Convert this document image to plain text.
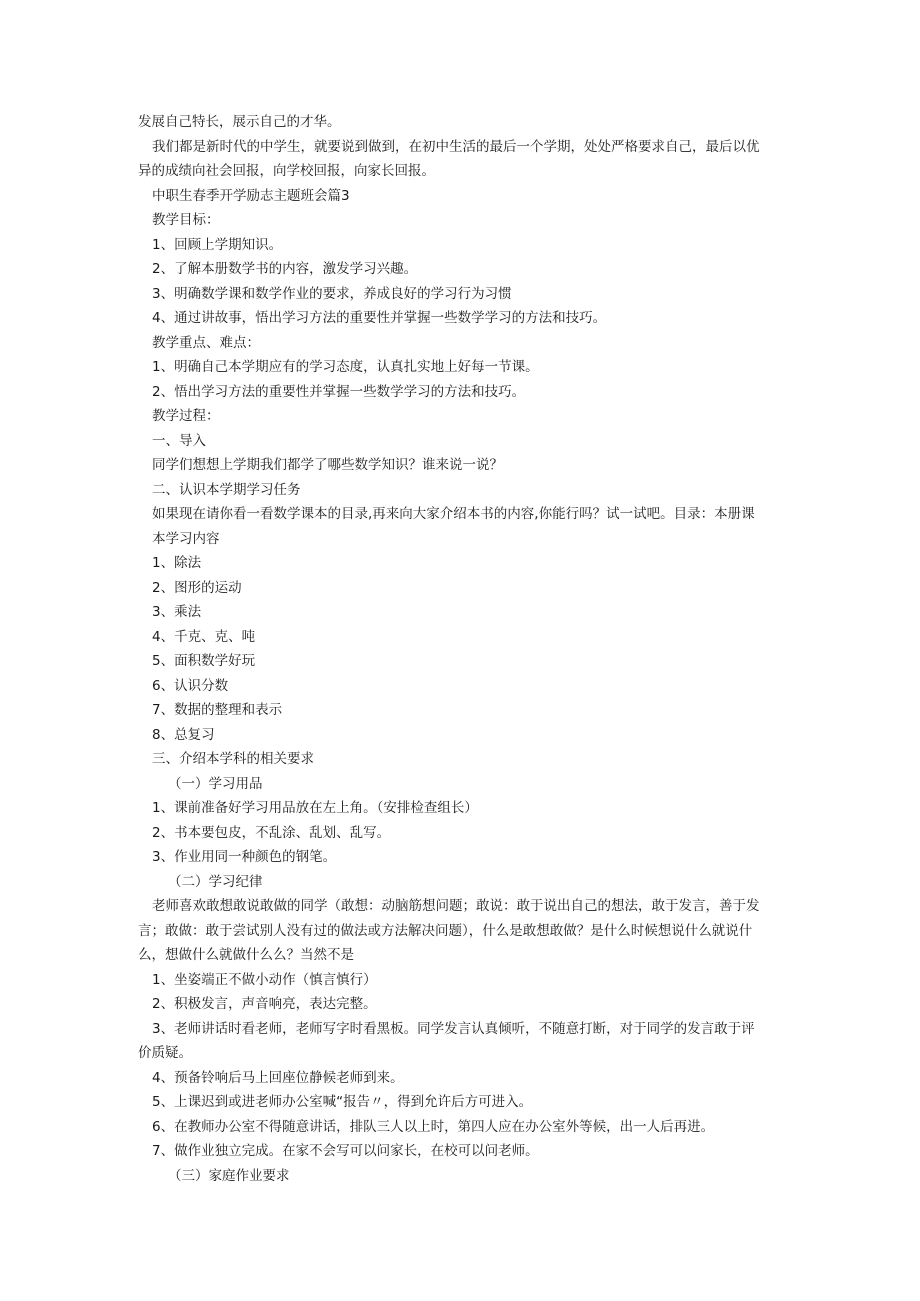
发展自己特长，展示自己的才华。
我们都是新时代的中学生，就要说到做到，在初中生活的最后一个学期，处处严格要求自己，最后以优
异的成绩向社会回报，向学校回报，向家长回报。
中职生春季开学励志主题班会篇3
教学目标：
1、回顾上学期知识。
2、了解本册数学书的内容，激发学习兴趣。
3、明确数学课和数学作业的要求，养成良好的学习行为习惯
4、通过讲故事，悟出学习方法的重要性并掌握一些数学学习的方法和技巧。
教学重点、难点：
1、明确自己本学期应有的学习态度，认真扎实地上好每一节课。
2、悟出学习方法的重要性并掌握一些数学学习的方法和技巧。
教学过程：
一、导入
同学们想想上学期我们都学了哪些数学知识？谁来说一说？
二、认识本学期学习任务
如果现在请你看一看数学课本的目录,再来向大家介绍本书的内容,你能行吗？试一试吧。目录：本册课
本学习内容
1、除法
2、图形的运动
3、乘法
4、千克、克、吨
5、面积数学好玩
6、认识分数
7、数据的整理和表示
8、总复习
三、介绍本学科的相关要求
（一）学习用品
1、课前准备好学习用品放在左上角。（安排检查组长）
2、书本要包皮，不乱涂、乱划、乱写。
3、作业用同一种颜色的钢笔。
（二）学习纪律
老师喜欢敢想敢说敢做的同学（敢想：动脑筋想问题；敢说：敢于说出自己的想法，敢于发言，善于发
言；敢做：敢于尝试别人没有过的做法或方法解决问题），什么是敢想敢做？是什么时候想说什么就说什
么，想做什么就做什么么？当然不是
1、坐姿端正不做小动作（慎言慎行）
2、积极发言，声音响亮，表达完整。
3、老师讲话时看老师，老师写字时看黑板。同学发言认真倾听，不随意打断，对于同学的发言敢于评
价质疑。
4、预备铃响后马上回座位静候老师到来。
5、上课迟到或进老师办公室喊“报告〃，得到允许后方可进入。
6、在教师办公室不得随意讲话，排队三人以上时，第四人应在办公室外等候，出一人后再进。
7、做作业独立完成。在家不会写可以问家长，在校可以问老师。
（三）家庭作业要求
